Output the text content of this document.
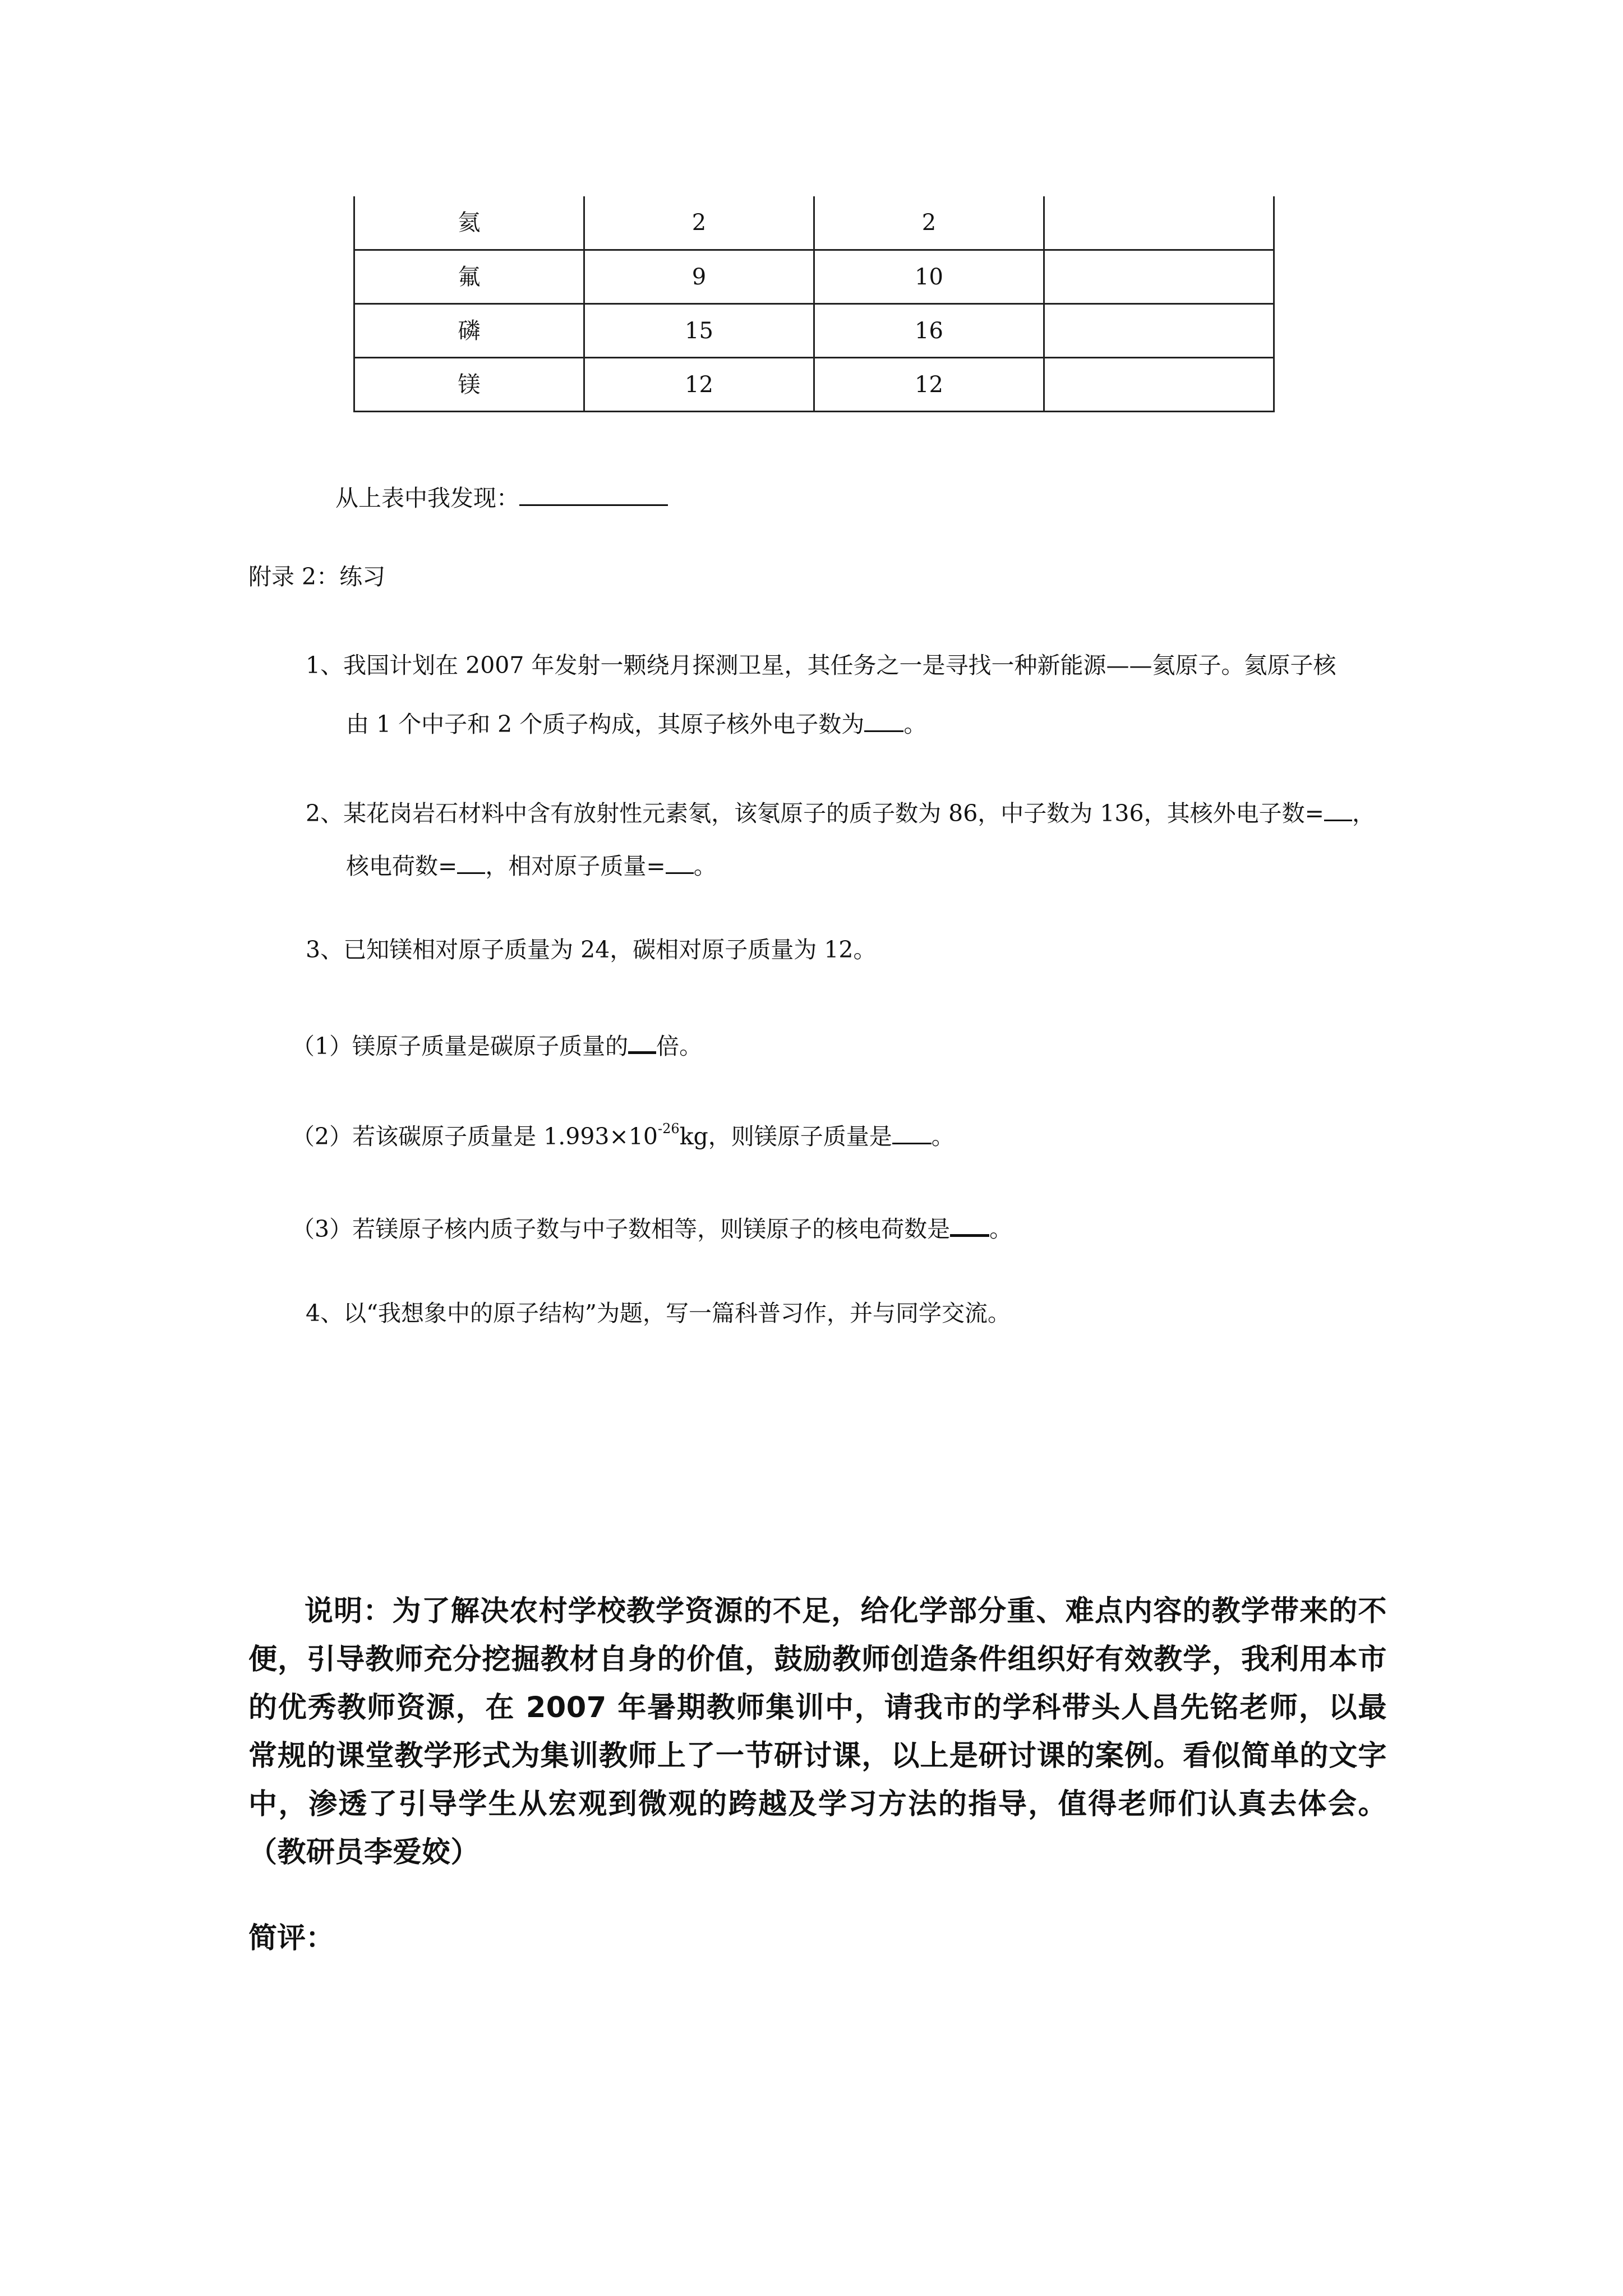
氦	2	2	
氟	9	10	
磷	15	16	
镁	12	12	
从上表中我发现：
附录 2：练习
1、我国计划在 2007 年发射一颗绕月探测卫星，其任务之一是寻找一种新能源——氦原子。氦原子核
由 1 个中子和 2 个质子构成，其原子核外电子数为 。
2、某花岗岩石材料中含有放射性元素氡，该氡原子的质子数为 86，中子数为 136，其核外电子数= ，
核电荷数= ，相对原子质量= 。
3、已知镁相对原子质量为 24，碳相对原子质量为 12。
（1）镁原子质量是碳原子质量的 倍。
（2）若该碳原子质量是 $1.993\times 10^{-26}kg$，则镁原子质量是 。
（3）若镁原子核内质子数与中子数相等，则镁原子的核电荷数是 。
4、以“我想象中的原子结构”为题，写一篇科普习作，并与同学交流。

说明：为了解决农村学校教学资源的不足，给化学部分重、难点内容的教学带来的不便，引导教师充分挖掘教材自身的价值，鼓励教师创造条件组织好有效教学，我利用本市的优秀教师资源，在 2007 年暑期教师集训中，请我市的学科带头人昌先铭老师，以最常规的课堂教学形式为集训教师上了一节研讨课，以上是研讨课的案例。看似简单的文字中，渗透了引导学生从宏观到微观的跨越及学习方法的指导，值得老师们认真去体会。（教研员李爱姣）

简评：
